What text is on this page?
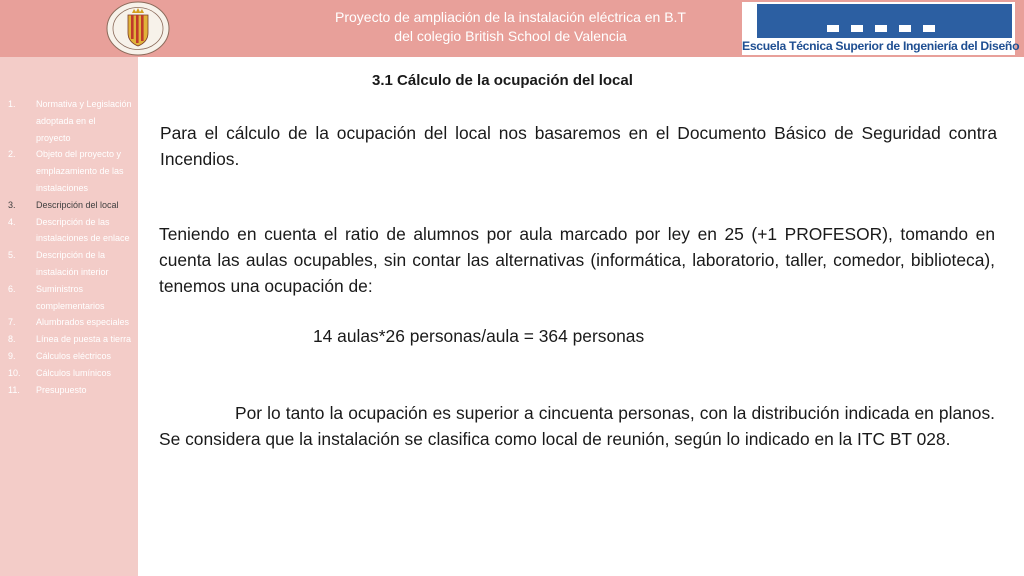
Proyecto de ampliación de la instalación eléctrica en B.T
del colegio British School de Valencia
Escuela Técnica Superior de Ingeniería del Diseño
1. Normativa y Legislación adoptada en el proyecto
2. Objeto del proyecto y emplazamiento de las instalaciones
3. Descripción del local
4. Descripción de las instalaciones de enlace
5. Descripción de la instalación interior
6. Suministros complementarios
7. Alumbrados especiales
8. Línea de puesta a tierra
9. Cálculos eléctricos
10. Cálculos lumínicos
11. Presupuesto
3.1 Cálculo de la ocupación del local
Para el cálculo de la ocupación del local nos basaremos en el Documento Básico de Seguridad contra Incendios.
Teniendo en cuenta el ratio de alumnos por aula marcado por ley en 25 (+1 PROFESOR), tomando en cuenta las aulas ocupables, sin contar las alternativas (informática, laboratorio, taller, comedor, biblioteca), tenemos una ocupación de:
14 aulas*26 personas/aula = 364 personas
Por lo tanto la ocupación es superior a cincuenta personas, con la distribución indicada en planos. Se considera que la instalación se clasifica como local de reunión, según lo indicado en la ITC BT 028.
